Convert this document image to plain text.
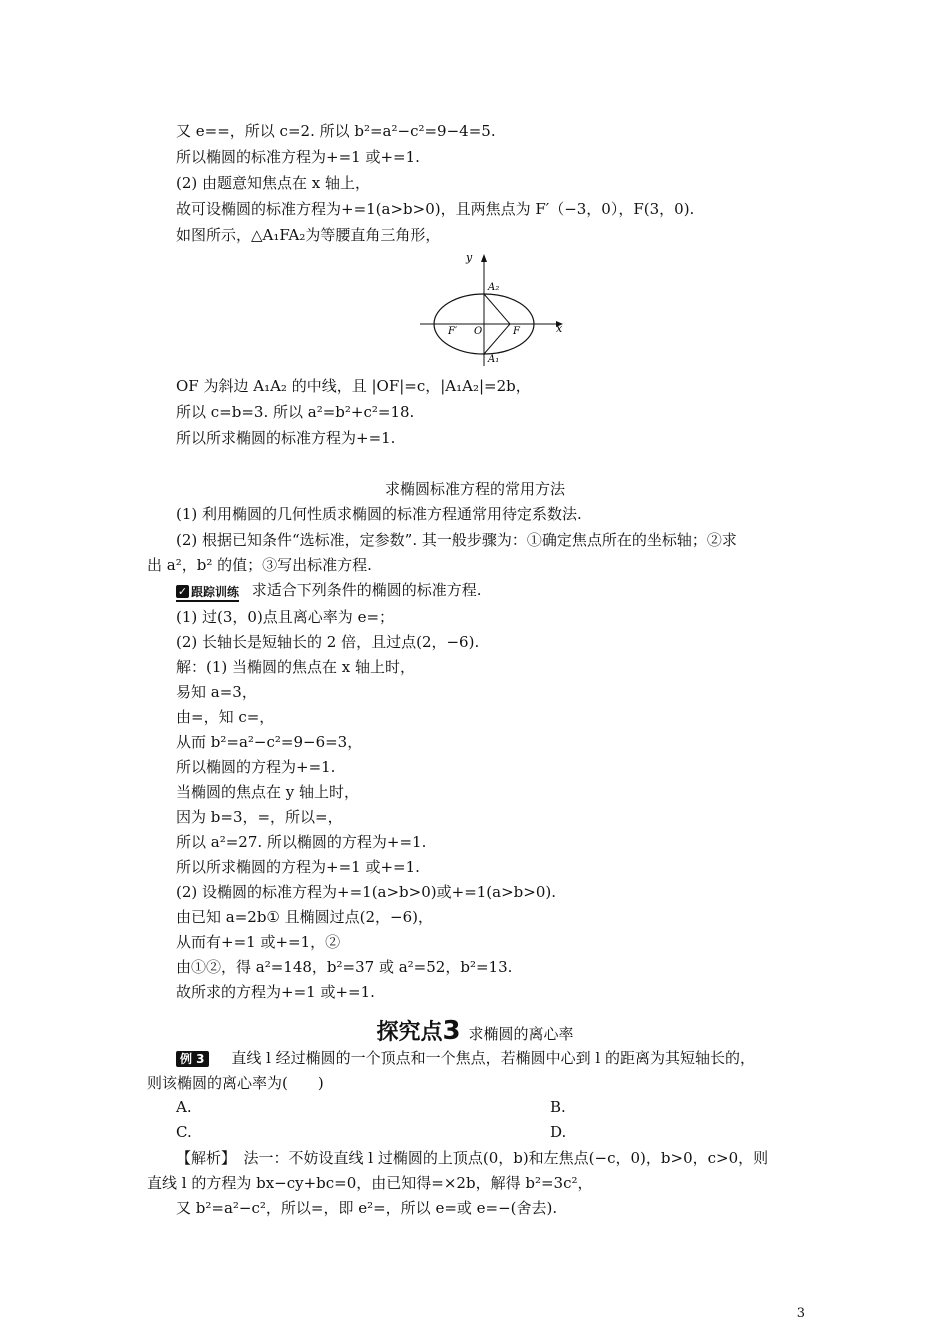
又 e==，所以 c=2. 所以 b²=a²−c²=9−4=5.
所以椭圆的标准方程为+=1 或+=1.
(2) 由题意知焦点在 x 轴上，
故可设椭圆的标准方程为+=1(a>b>0)，且两焦点为 F′（−3，0），F(3，0).
如图所示，△A₁FA₂为等腰直角三角形，
y
x
A₂
A₁
F′ O	F
OF 为斜边 A₁A₂ 的中线，且 |OF|=c，|A₁A₂|=2b，
所以 c=b=3. 所以 a²=b²+c²=18.
所以所求椭圆的标准方程为+=1.
求椭圆标准方程的常用方法
(1) 利用椭圆的几何性质求椭圆的标准方程通常用待定系数法.
(2) 根据已知条件“选标准，定参数”. 其一般步骤为：①确定焦点所在的坐标轴；②求
出 a²，b² 的值；③写出标准方程.
✓ 跟踪训练 求适合下列条件的椭圆的标准方程.
(1) 过(3，0)点且离心率为 e=；
(2) 长轴长是短轴长的 2 倍，且过点(2，−6).
解：(1) 当椭圆的焦点在 x 轴上时，
易知 a=3，
由=，知 c=，
从而 b²=a²−c²=9−6=3，
所以椭圆的方程为+=1.
当椭圆的焦点在 y 轴上时，
因为 b=3，=，所以=，
所以 a²=27. 所以椭圆的方程为+=1.
所以所求椭圆的方程为+=1 或+=1.
(2) 设椭圆的标准方程为+=1(a>b>0)或+=1(a>b>0).
由已知 a=2b① 且椭圆过点(2，−6)，
从而有+=1 或+=1，②
由①②，得 a²=148，b²=37 或 a²=52，b²=13.
故所求的方程为+=1 或+=1.
探究点3 求椭圆的离心率
例 3 直线 l 经过椭圆的一个顶点和一个焦点，若椭圆中心到 l 的距离为其短轴长的，
则该椭圆的离心率为(　　)
A.	B.
C.	D.
【解析】　法一：不妨设直线 l 过椭圆的上顶点(0，b)和左焦点(−c，0)，b>0，c>0，则
直线 l 的方程为 bx−cy+bc=0，由已知得=×2b，解得 b²=3c²，
又 b²=a²−c²，所以=，即 e²=，所以 e=或 e=−(舍去).
3
